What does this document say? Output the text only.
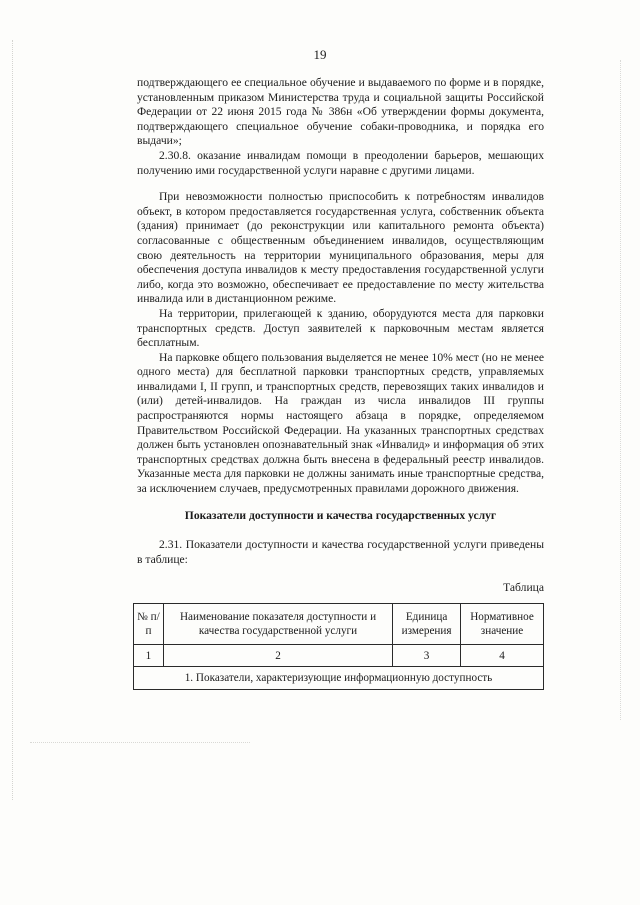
19

подтверждающего ее специальное обучение и выдаваемого по форме и в порядке, установленным приказом Министерства труда и социальной защиты Российской Федерации от 22 июня 2015 года № 386н «Об утверждении формы документа, подтверждающего специальное обучение собаки-проводника, и порядка его выдачи»;

2.30.8. оказание инвалидам помощи в преодолении барьеров, мешающих получению ими государственной услуги наравне с другими лицами.

При невозможности полностью приспособить к потребностям инвалидов объект, в котором предоставляется государственная услуга, собственник объекта (здания) принимает (до реконструкции или капитального ремонта объекта) согласованные с общественным объединением инвалидов, осуществляющим свою деятельность на территории муниципального образования, меры для обеспечения доступа инвалидов к месту предоставления государственной услуги либо, когда это возможно, обеспечивает ее предоставление по месту жительства инвалида или в дистанционном режиме.

На территории, прилегающей к зданию, оборудуются места для парковки транспортных средств. Доступ заявителей к парковочным местам является бесплатным.

На парковке общего пользования выделяется не менее 10% мест (но не менее одного места) для бесплатной парковки транспортных средств, управляемых инвалидами I, II групп, и транспортных средств, перевозящих таких инвалидов и (или) детей-инвалидов. На граждан из числа инвалидов III группы распространяются нормы настоящего абзаца в порядке, определяемом Правительством Российской Федерации. На указанных транспортных средствах должен быть установлен опознавательный знак «Инвалид» и информация об этих транспортных средствах должна быть внесена в федеральный реестр инвалидов. Указанные места для парковки не должны занимать иные транспортные средства, за исключением случаев, предусмотренных правилами дорожного движения.

Показатели доступности и качества государственных услуг

2.31. Показатели доступности и качества государственной услуги приведены в таблице:

Таблица
№ п/п	Наименование показателя доступности и качества государственной услуги	Единица измерения	Нормативное значение
1	2	3	4
1. Показатели, характеризующие информационную доступность			
